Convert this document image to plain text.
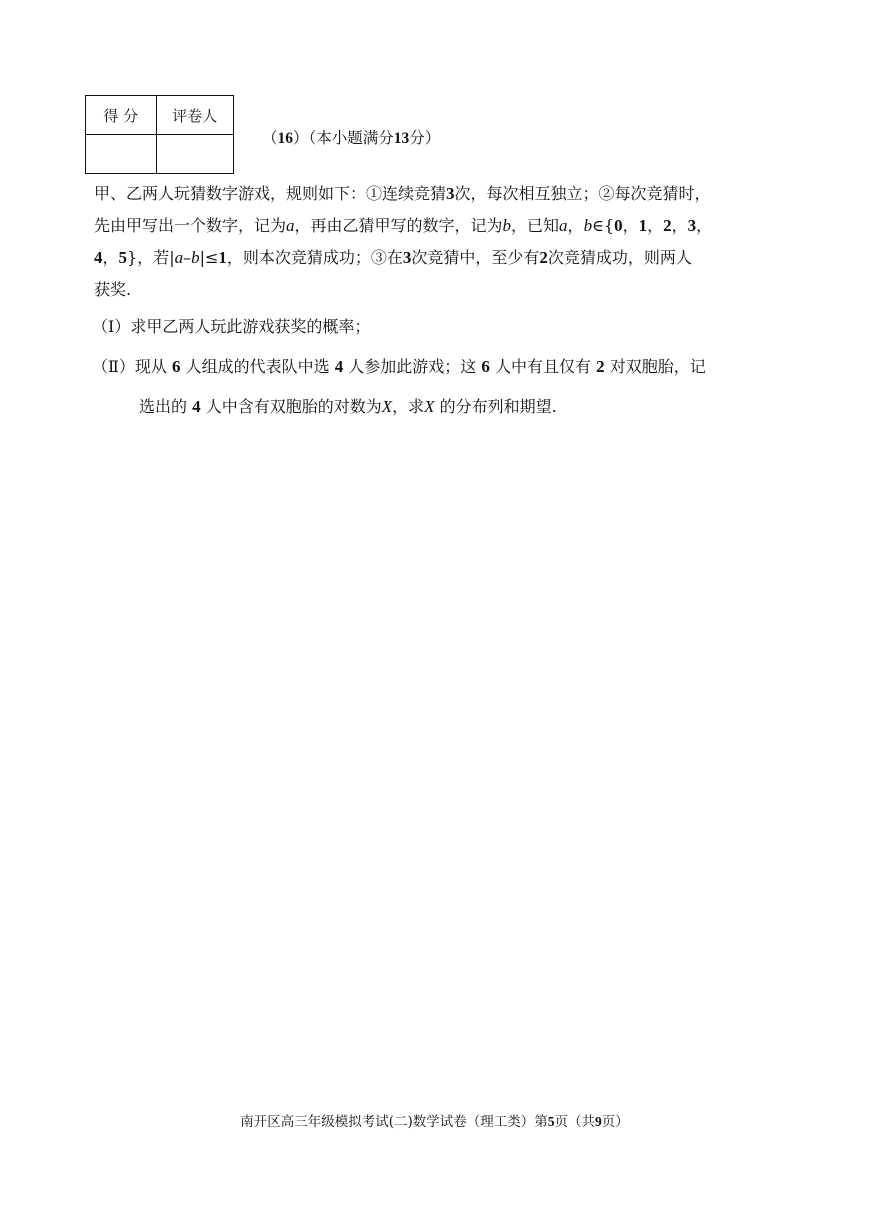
得 分	评卷人

（16）（本小题满分13分）
甲、乙两人玩猜数字游戏，规则如下：①连续竞猜3次，每次相互独立；②每次竞猜时，
先由甲写出一个数字，记为a，再由乙猜甲写的数字，记为b，已知a，b∈{0，1，2，3，
4，5}，若|a–b|≤1，则本次竞猜成功；③在3次竞猜中，至少有2次竞猜成功，则两人
获奖.
（Ⅰ）求甲乙两人玩此游戏获奖的概率；
（Ⅱ）现从 6 人组成的代表队中选 4 人参加此游戏；这 6 人中有且仅有 2 对双胞胎，记
选出的 4 人中含有双胞胎的对数为X，求X 的分布列和期望.
南开区高三年级模拟考试(二)数学试卷（理工类）第5页（共9页）
